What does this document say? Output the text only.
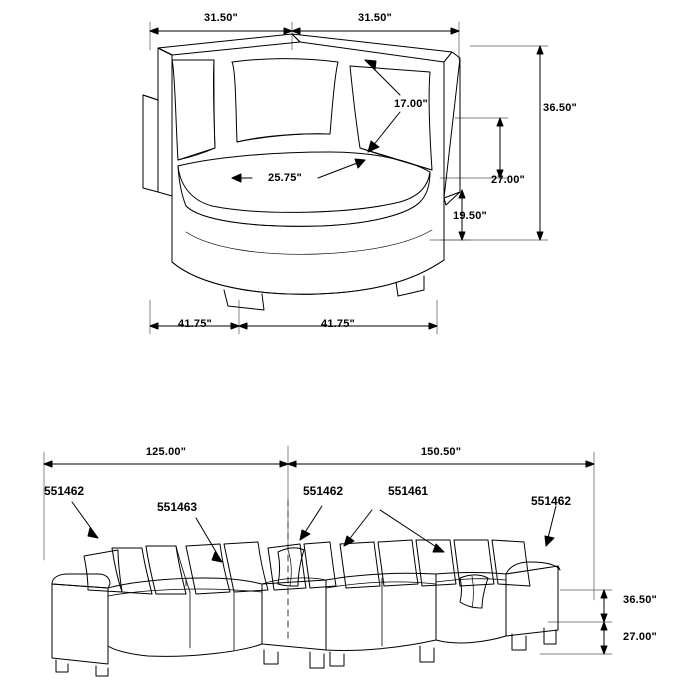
31.50"	31.50"
17.00"
25.75"
36.50"
27.00"
19.50"
41.75"	41.75"
125.00"	150.50"
36.50"
27.00"
551462
551463
551462	551461
551462
